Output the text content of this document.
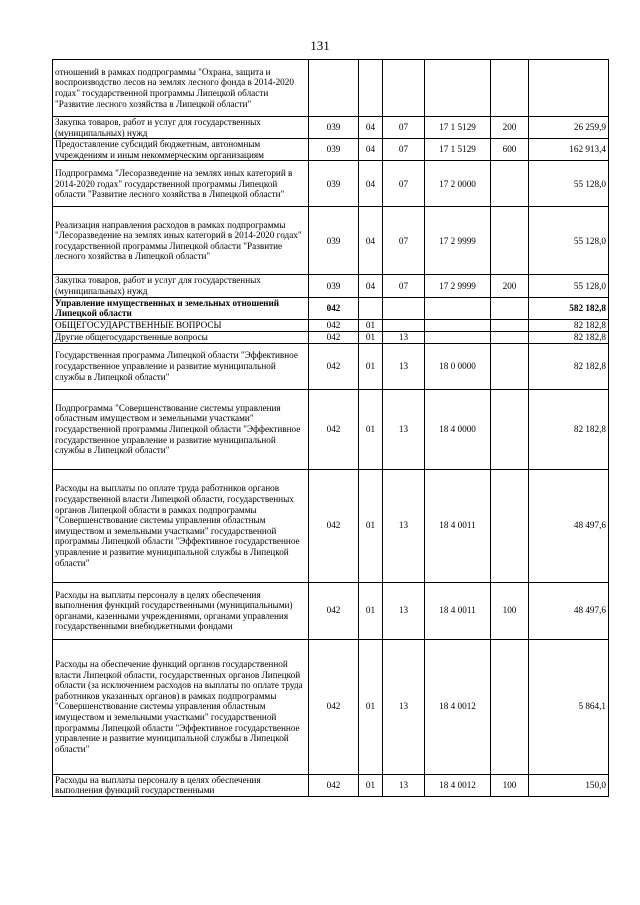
131
отношений в рамках подпрограммы "Охрана, защита и воспроизводство лесов на землях лесного фонда в 2014-2020 годах" государственной программы Липецкой области "Развитие лесного хозяйства в Липецкой области"						
Закупка товаров, работ и услуг для государственных (муниципальных) нужд	039	04	07	17 1 5129	200	26 259,9
Предоставление субсидий бюджетным, автономным учреждениям и иным некоммерческим организациям	039	04	07	17 1 5129	600	162 913,4
Подпрограмма "Лесоразведение на землях иных категорий в 2014-2020 годах" государственной программы Липецкой области "Развитие лесного хозяйства в Липецкой области"	039	04	07	17 2 0000		55 128,0
Реализация направления расходов в рамках подпрограммы "Лесоразведение на землях иных категорий в 2014-2020 годах" государственной программы Липецкой области "Развитие лесного хозяйства в Липецкой области"	039	04	07	17 2 9999		55 128,0
Закупка товаров, работ и услуг для государственных (муниципальных) нужд	039	04	07	17 2 9999	200	55 128,0
Управление имущественных и земельных отношений Липецкой области	042					582 182,8
ОБЩЕГОСУДАРСТВЕННЫЕ ВОПРОСЫ	042	01				82 182,8
Другие общегосударственные вопросы	042	01	13			82 182,8
Государственная программа Липецкой области "Эффективное государственное управление и развитие муниципальной службы в Липецкой области"	042	01	13	18 0 0000		82 182,8
Подпрограмма "Совершенствование системы управления областным имуществом и земельными участками" государственной программы Липецкой области "Эффективное государственное управление и развитие муниципальной службы в Липецкой области"	042	01	13	18 4 0000		82 182,8
Расходы на выплаты по оплате труда работников органов государственной власти Липецкой области, государственных органов Липецкой области в рамках подпрограммы "Совершенствование системы управления областным имуществом и земельными участками" государственной программы Липецкой области "Эффективное государственное управление и развитие муниципальной службы в Липецкой области"	042	01	13	18 4 0011		48 497,6
Расходы на выплаты персоналу в целях обеспечения выполнения функций государственными (муниципальными) органами, казенными учреждениями, органами управления государственными внебюджетными фондами	042	01	13	18 4 0011	100	48 497,6
Расходы на обеспечение функций органов государственной власти Липецкой области, государственных органов Липецкой области (за исключением расходов на выплаты по оплате труда работников указанных органов) в рамках подпрограммы "Совершенствование системы управления областным имуществом и земельными участками" государственной программы Липецкой области "Эффективное государственное управление и развитие муниципальной службы в Липецкой области"	042	01	13	18 4 0012		5 864,1
Расходы на выплаты персоналу в целях обеспечения выполнения функций государственными	042	01	13	18 4 0012	100	150,0
